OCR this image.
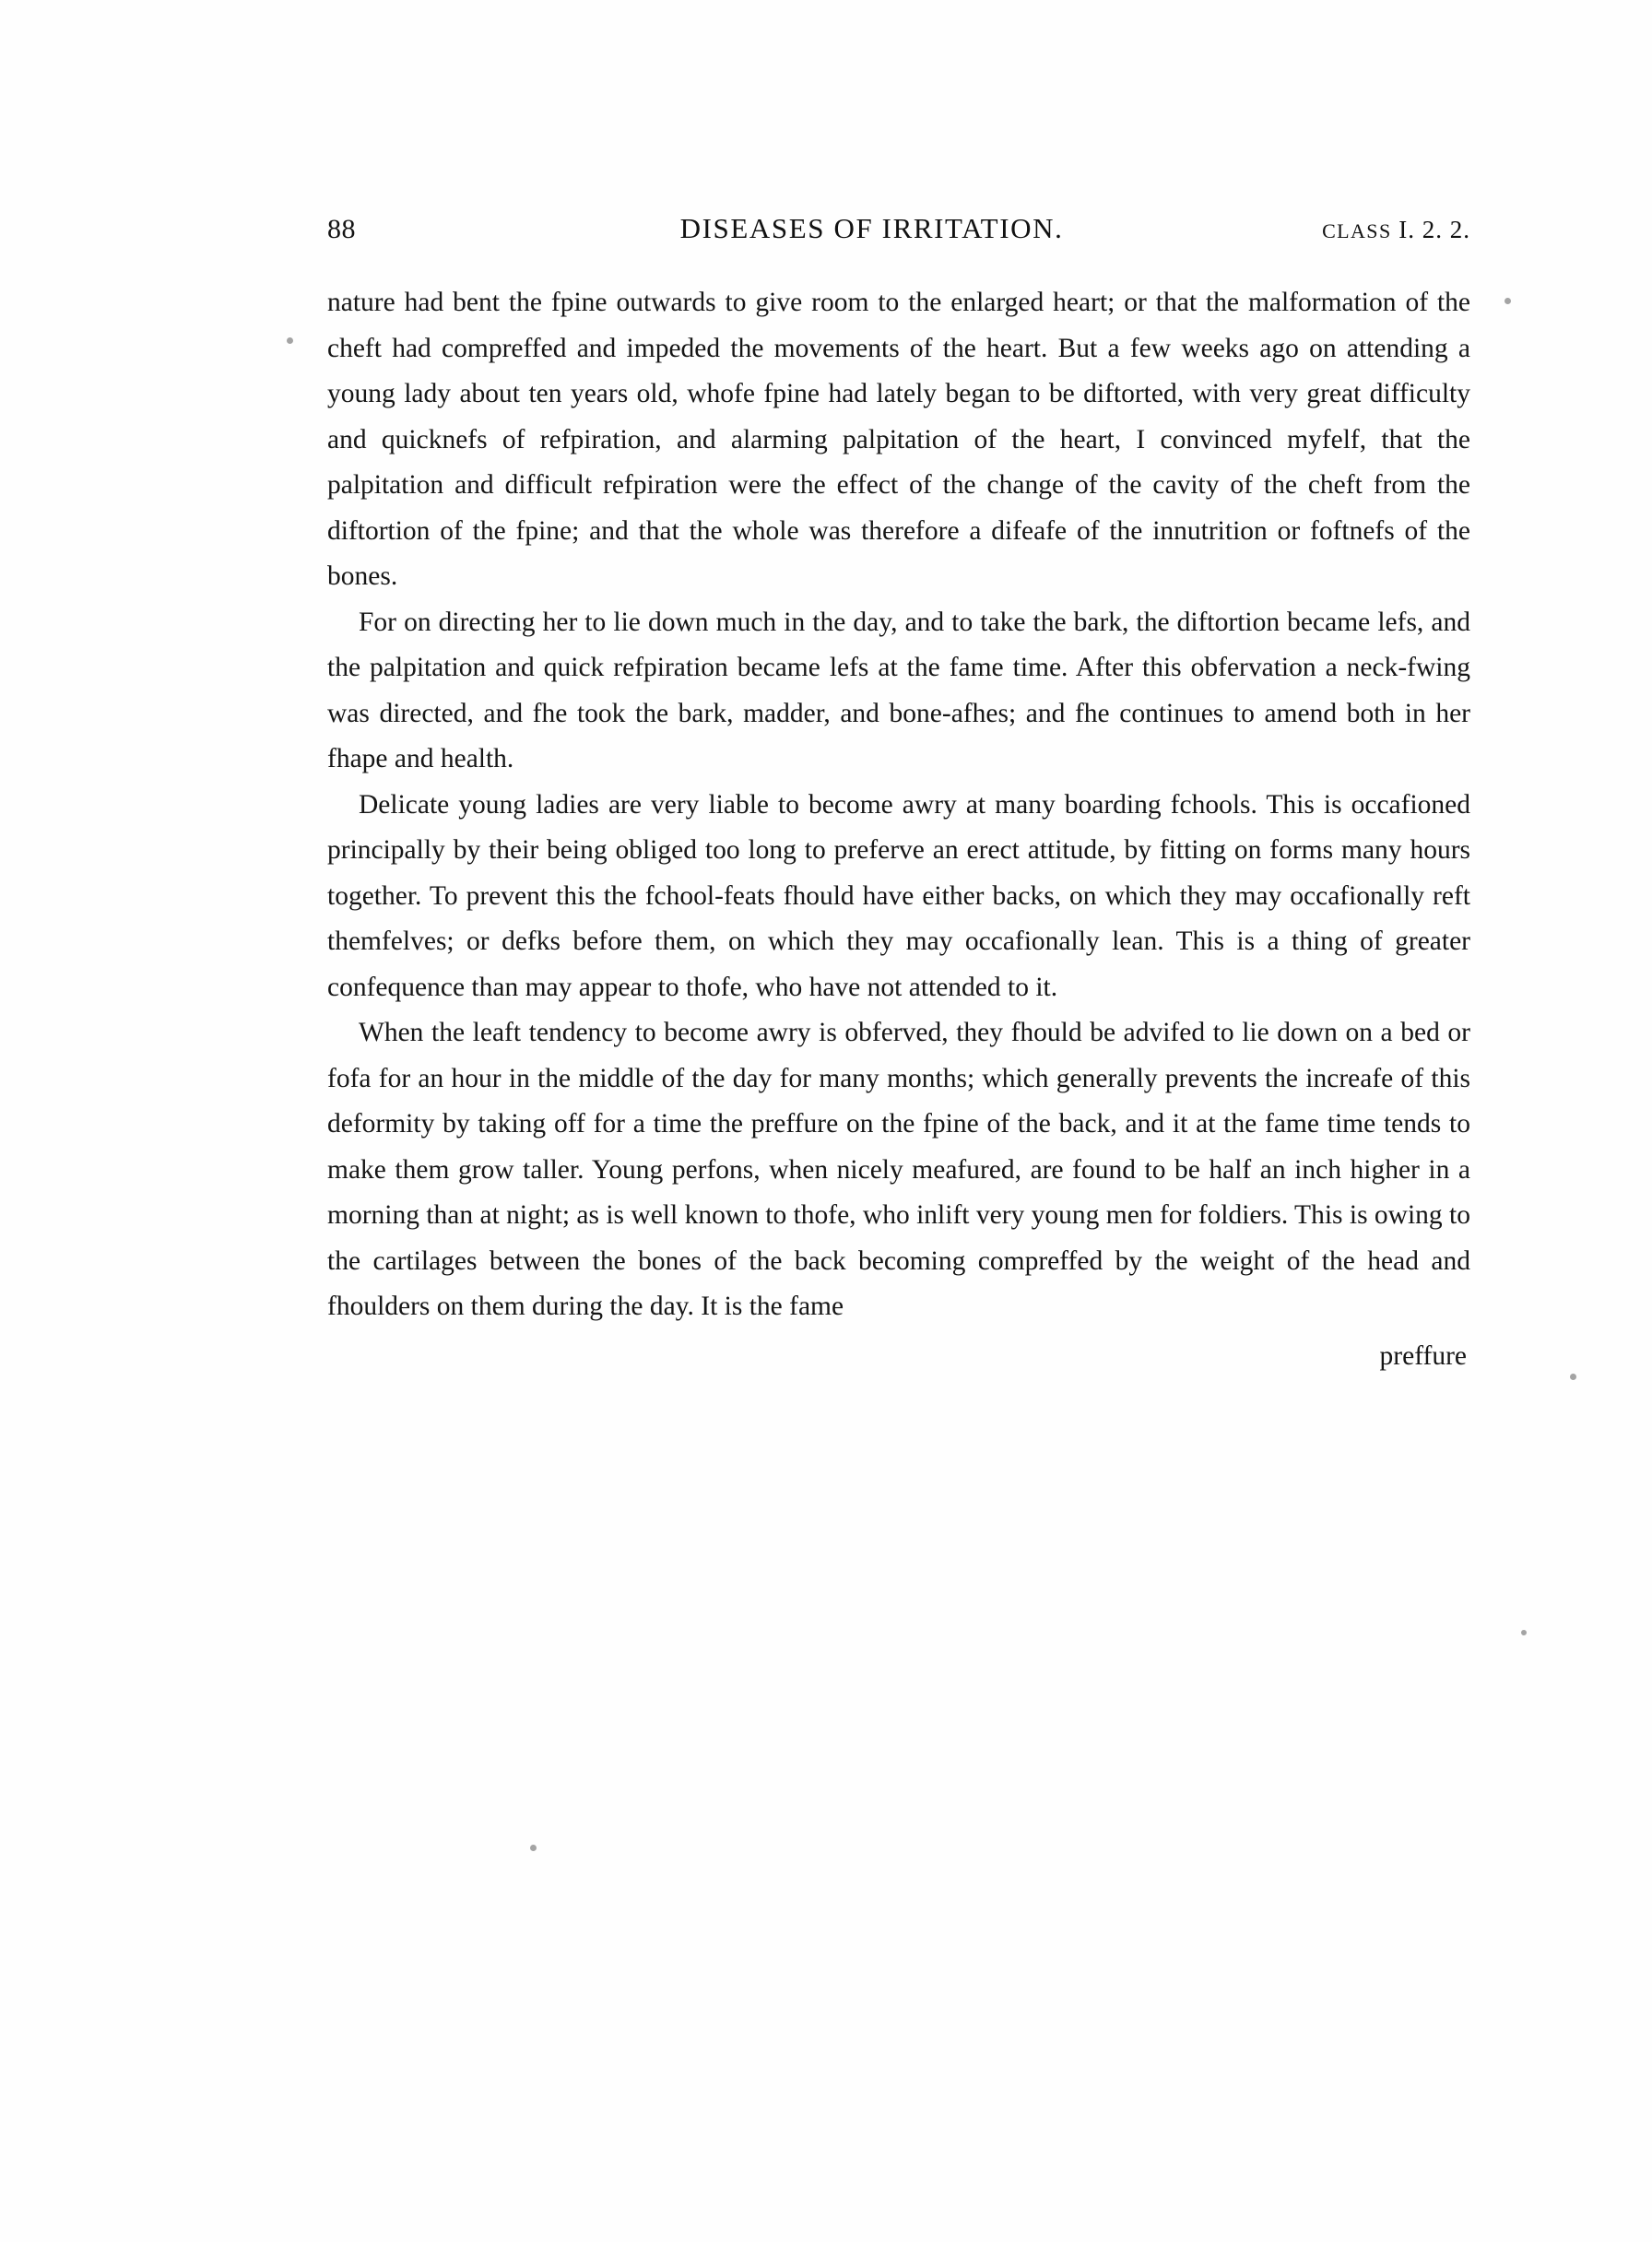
88	DISEASES OF IRRITATION.	CLASS I. 2. 2.

nature had bent the fpine outwards to give room to the enlarged heart; or that the malformation of the cheft had compreffed and impeded the movements of the heart. But a few weeks ago on attending a young lady about ten years old, whofe fpine had lately began to be diftorted, with very great difficulty and quicknefs of refpiration, and alarming palpitation of the heart, I convinced myfelf, that the palpitation and difficult refpiration were the effect of the change of the cavity of the cheft from the diftortion of the fpine; and that the whole was therefore a difeafe of the innutrition or foftnefs of the bones.

For on directing her to lie down much in the day, and to take the bark, the diftortion became lefs, and the palpitation and quick refpiration became lefs at the fame time. After this obfervation a neck-fwing was directed, and fhe took the bark, madder, and bone-afhes; and fhe continues to amend both in her fhape and health.

Delicate young ladies are very liable to become awry at many boarding fchools. This is occafioned principally by their being obliged too long to preferve an erect attitude, by fitting on forms many hours together. To prevent this the fchool-feats fhould have either backs, on which they may occafionally reft themfelves; or defks before them, on which they may occafionally lean. This is a thing of greater confequence than may appear to thofe, who have not attended to it.

When the leaft tendency to become awry is obferved, they fhould be advifed to lie down on a bed or fofa for an hour in the middle of the day for many months; which generally prevents the increafe of this deformity by taking off for a time the preffure on the fpine of the back, and it at the fame time tends to make them grow taller. Young perfons, when nicely meafured, are found to be half an inch higher in a morning than at night; as is well known to thofe, who inlift very young men for foldiers. This is owing to the cartilages between the bones of the back becoming compreffed by the weight of the head and fhoulders on them during the day. It is the fame

preffure
